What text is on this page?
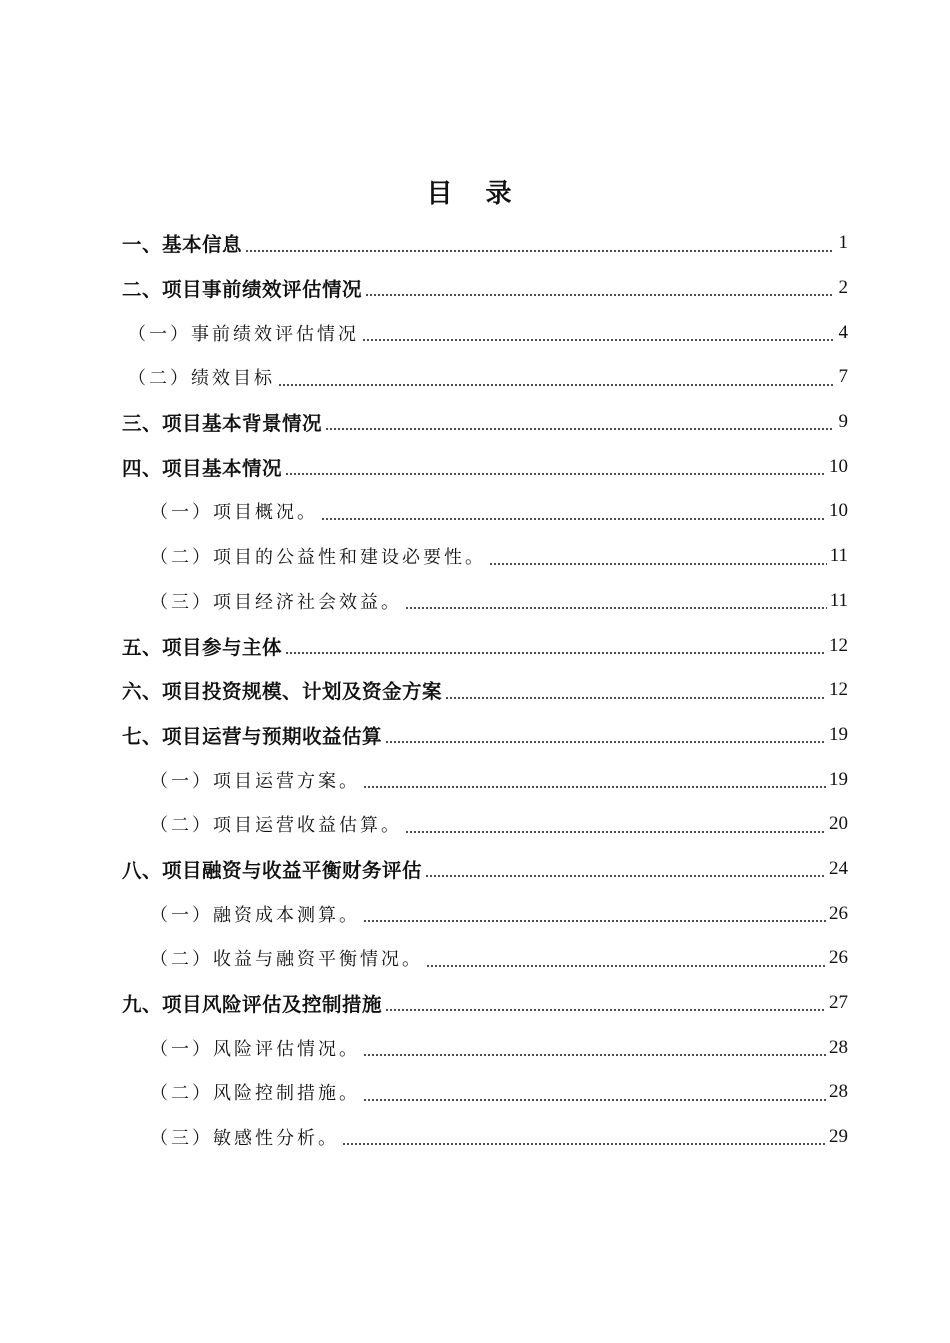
目 录
一、基本信息	1
二、项目事前绩效评估情况	2
（一）事前绩效评估情况	4
（二）绩效目标	7
三、项目基本背景情况	9
四、项目基本情况	10
（一）项目概况。	10
（二）项目的公益性和建设必要性。	11
（三）项目经济社会效益。	11
五、项目参与主体	12
六、项目投资规模、计划及资金方案	12
七、项目运营与预期收益估算	19
（一）项目运营方案。	19
（二）项目运营收益估算。	20
八、项目融资与收益平衡财务评估	24
（一）融资成本测算。	26
（二）收益与融资平衡情况。	26
九、项目风险评估及控制措施	27
（一）风险评估情况。	28
（二）风险控制措施。	28
（三）敏感性分析。	29
